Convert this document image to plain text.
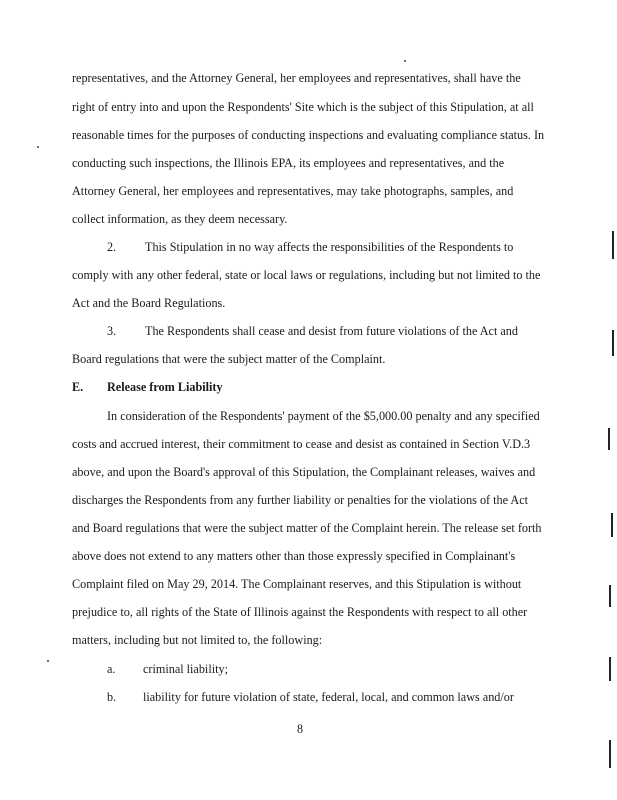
representatives, and the Attorney General, her employees and representatives, shall have the
right of entry into and upon the Respondents' Site which is the subject of this Stipulation, at all
reasonable times for the purposes of conducting inspections and evaluating compliance status. In
conducting such inspections, the Illinois EPA, its employees and representatives, and the
Attorney General, her employees and representatives, may take photographs, samples, and
collect information, as they deem necessary.
2. This Stipulation in no way affects the responsibilities of the Respondents to
comply with any other federal, state or local laws or regulations, including but not limited to the
Act and the Board Regulations.
3. The Respondents shall cease and desist from future violations of the Act and
Board regulations that were the subject matter of the Complaint.
E. Release from Liability
In consideration of the Respondents' payment of the $5,000.00 penalty and any specified
costs and accrued interest, their commitment to cease and desist as contained in Section V.D.3
above, and upon the Board's approval of this Stipulation, the Complainant releases, waives and
discharges the Respondents from any further liability or penalties for the violations of the Act
and Board regulations that were the subject matter of the Complaint herein. The release set forth
above does not extend to any matters other than those expressly specified in Complainant's
Complaint filed on May 29, 2014. The Complainant reserves, and this Stipulation is without
prejudice to, all rights of the State of Illinois against the Respondents with respect to all other
matters, including but not limited to, the following:
a. criminal liability;
b. liability for future violation of state, federal, local, and common laws and/or
8
